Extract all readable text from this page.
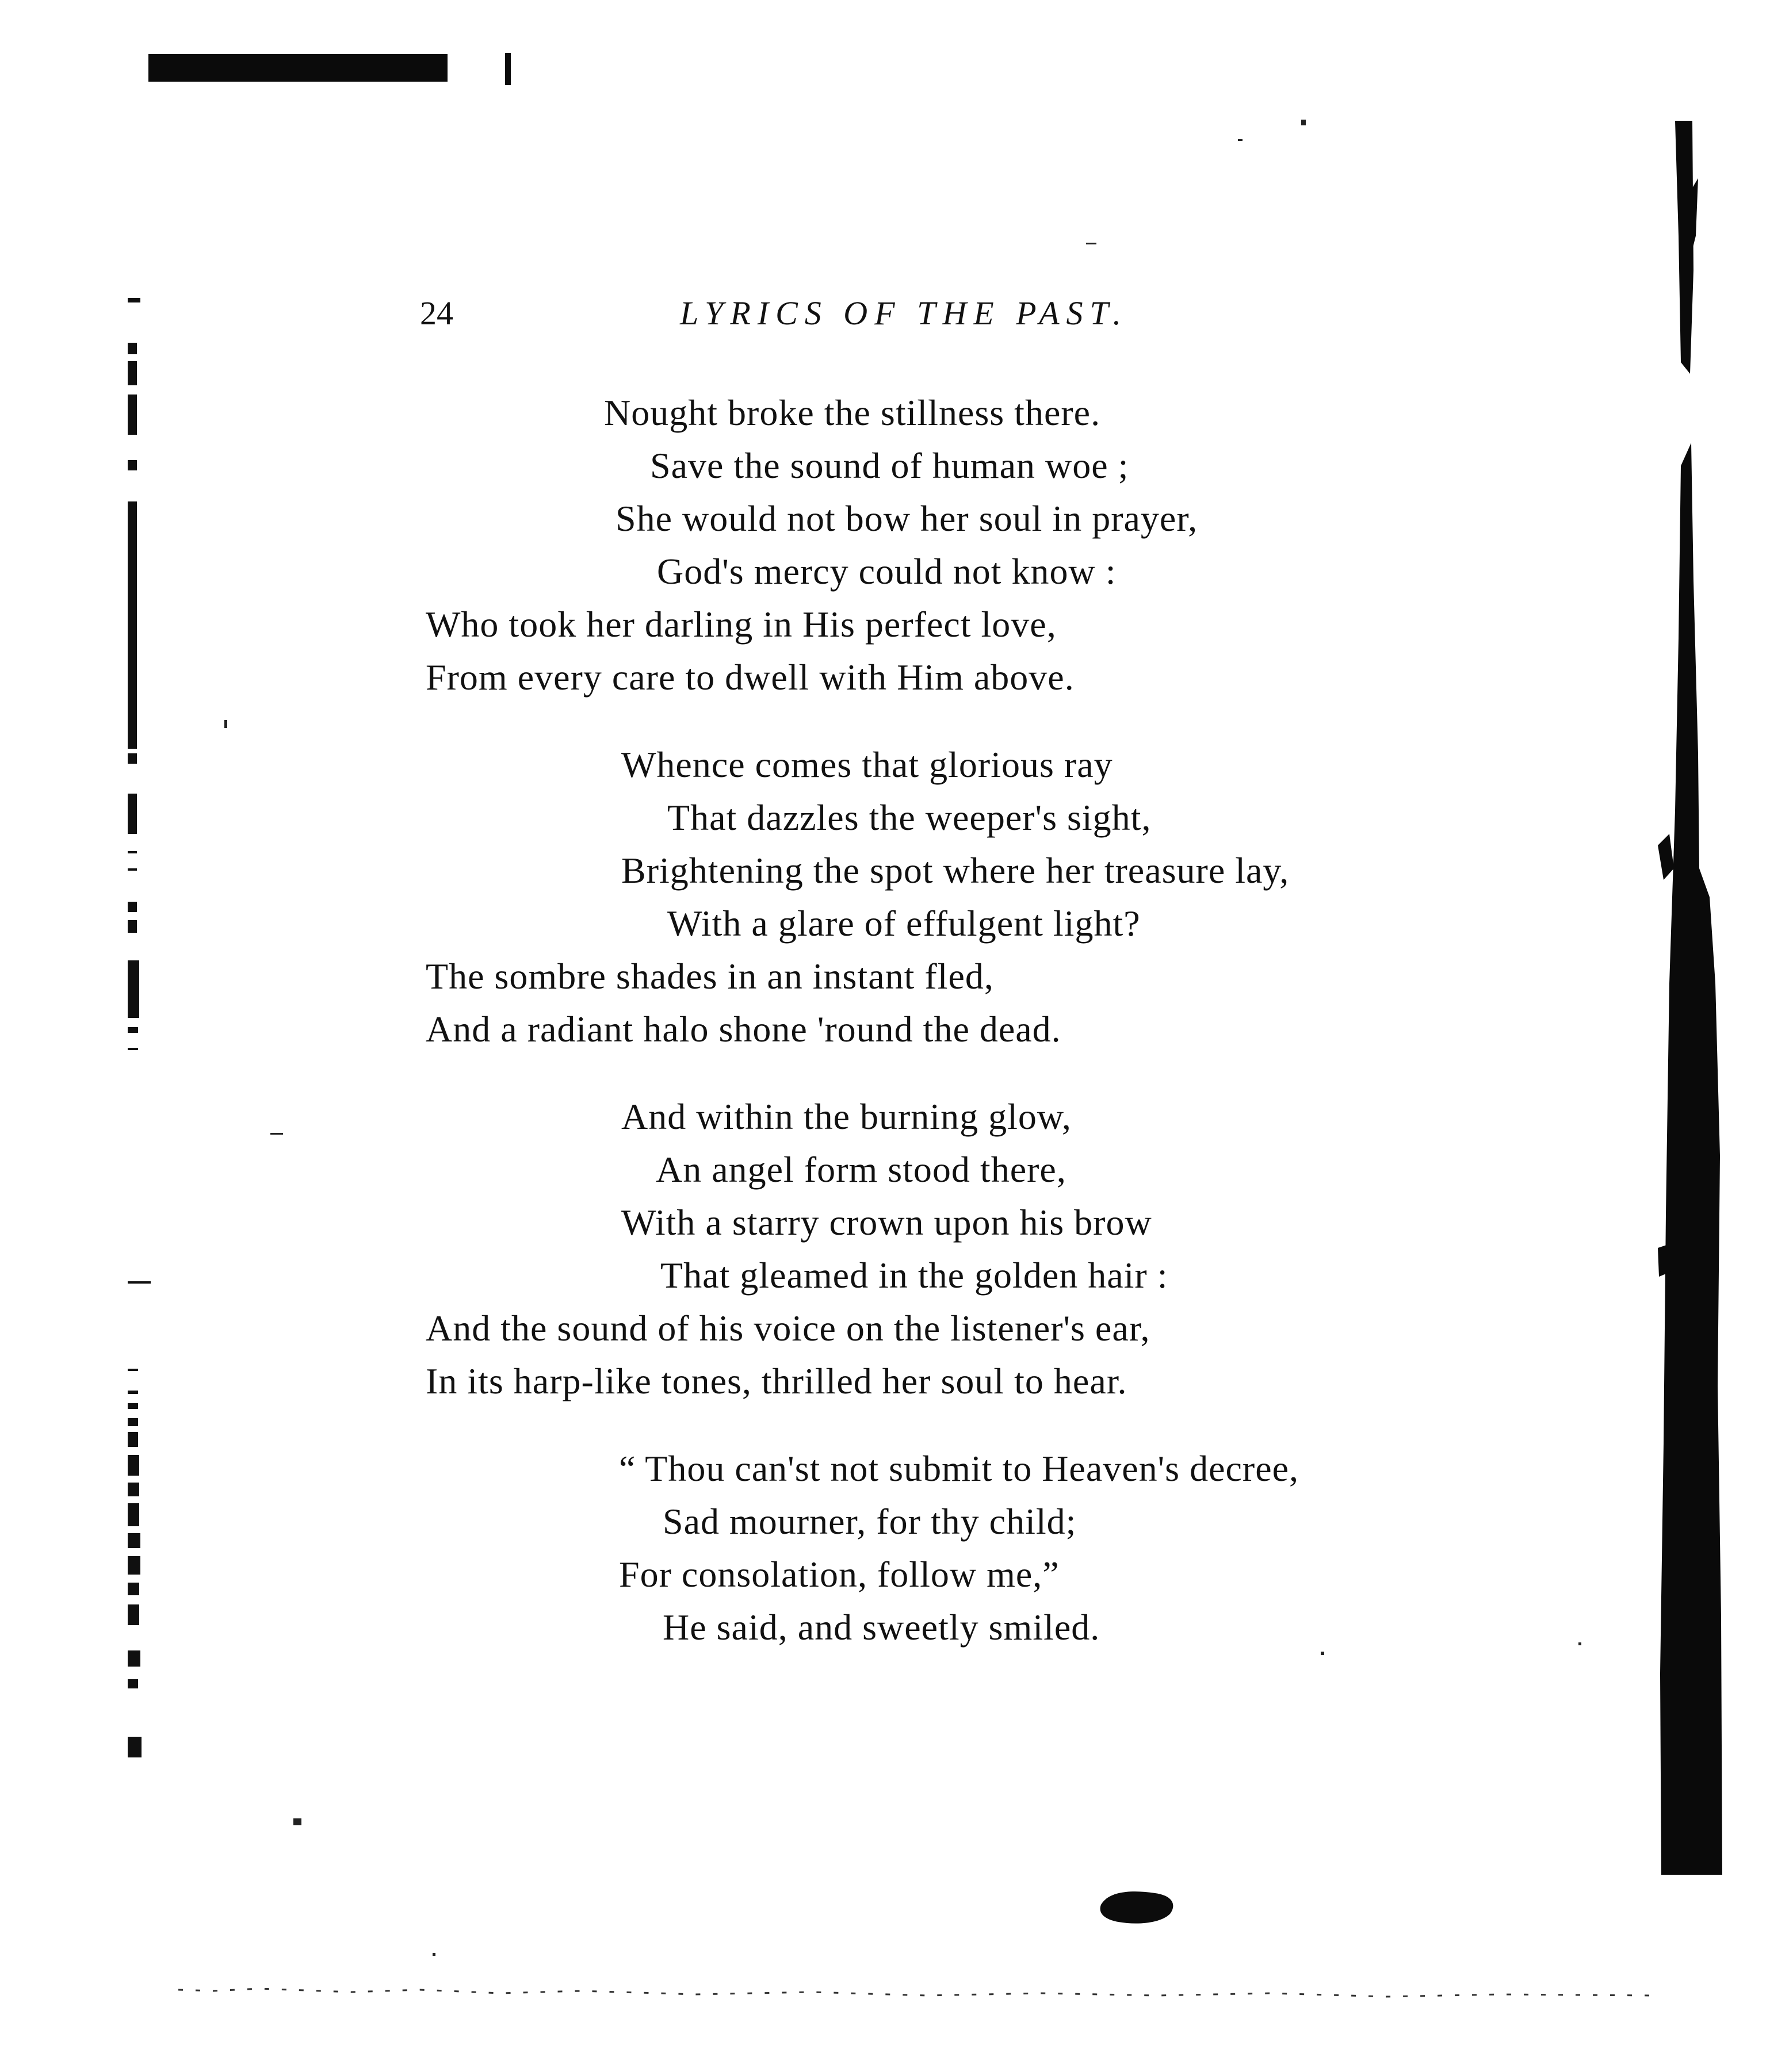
24	LYRICS OF THE PAST.
Nought broke the stillness there.
Save the sound of human woe ;
She would not bow her soul in prayer,
God's mercy could not know :
Who took her darling in His perfect love,
From every care to dwell with Him above.
Whence comes that glorious ray
That dazzles the weeper's sight,
Brightening the spot where her treasure lay,
With a glare of effulgent light?
The sombre shades in an instant fled,
And a radiant halo shone 'round the dead.
And within the burning glow,
An angel form stood there,
With a starry crown upon his brow
That gleamed in the golden hair :
And the sound of his voice on the listener's ear,
In its harp-like tones, thrilled her soul to hear.
“ Thou can'st not submit to Heaven's decree,
Sad mourner, for thy child;
For consolation, follow me,”
He said, and sweetly smiled.
